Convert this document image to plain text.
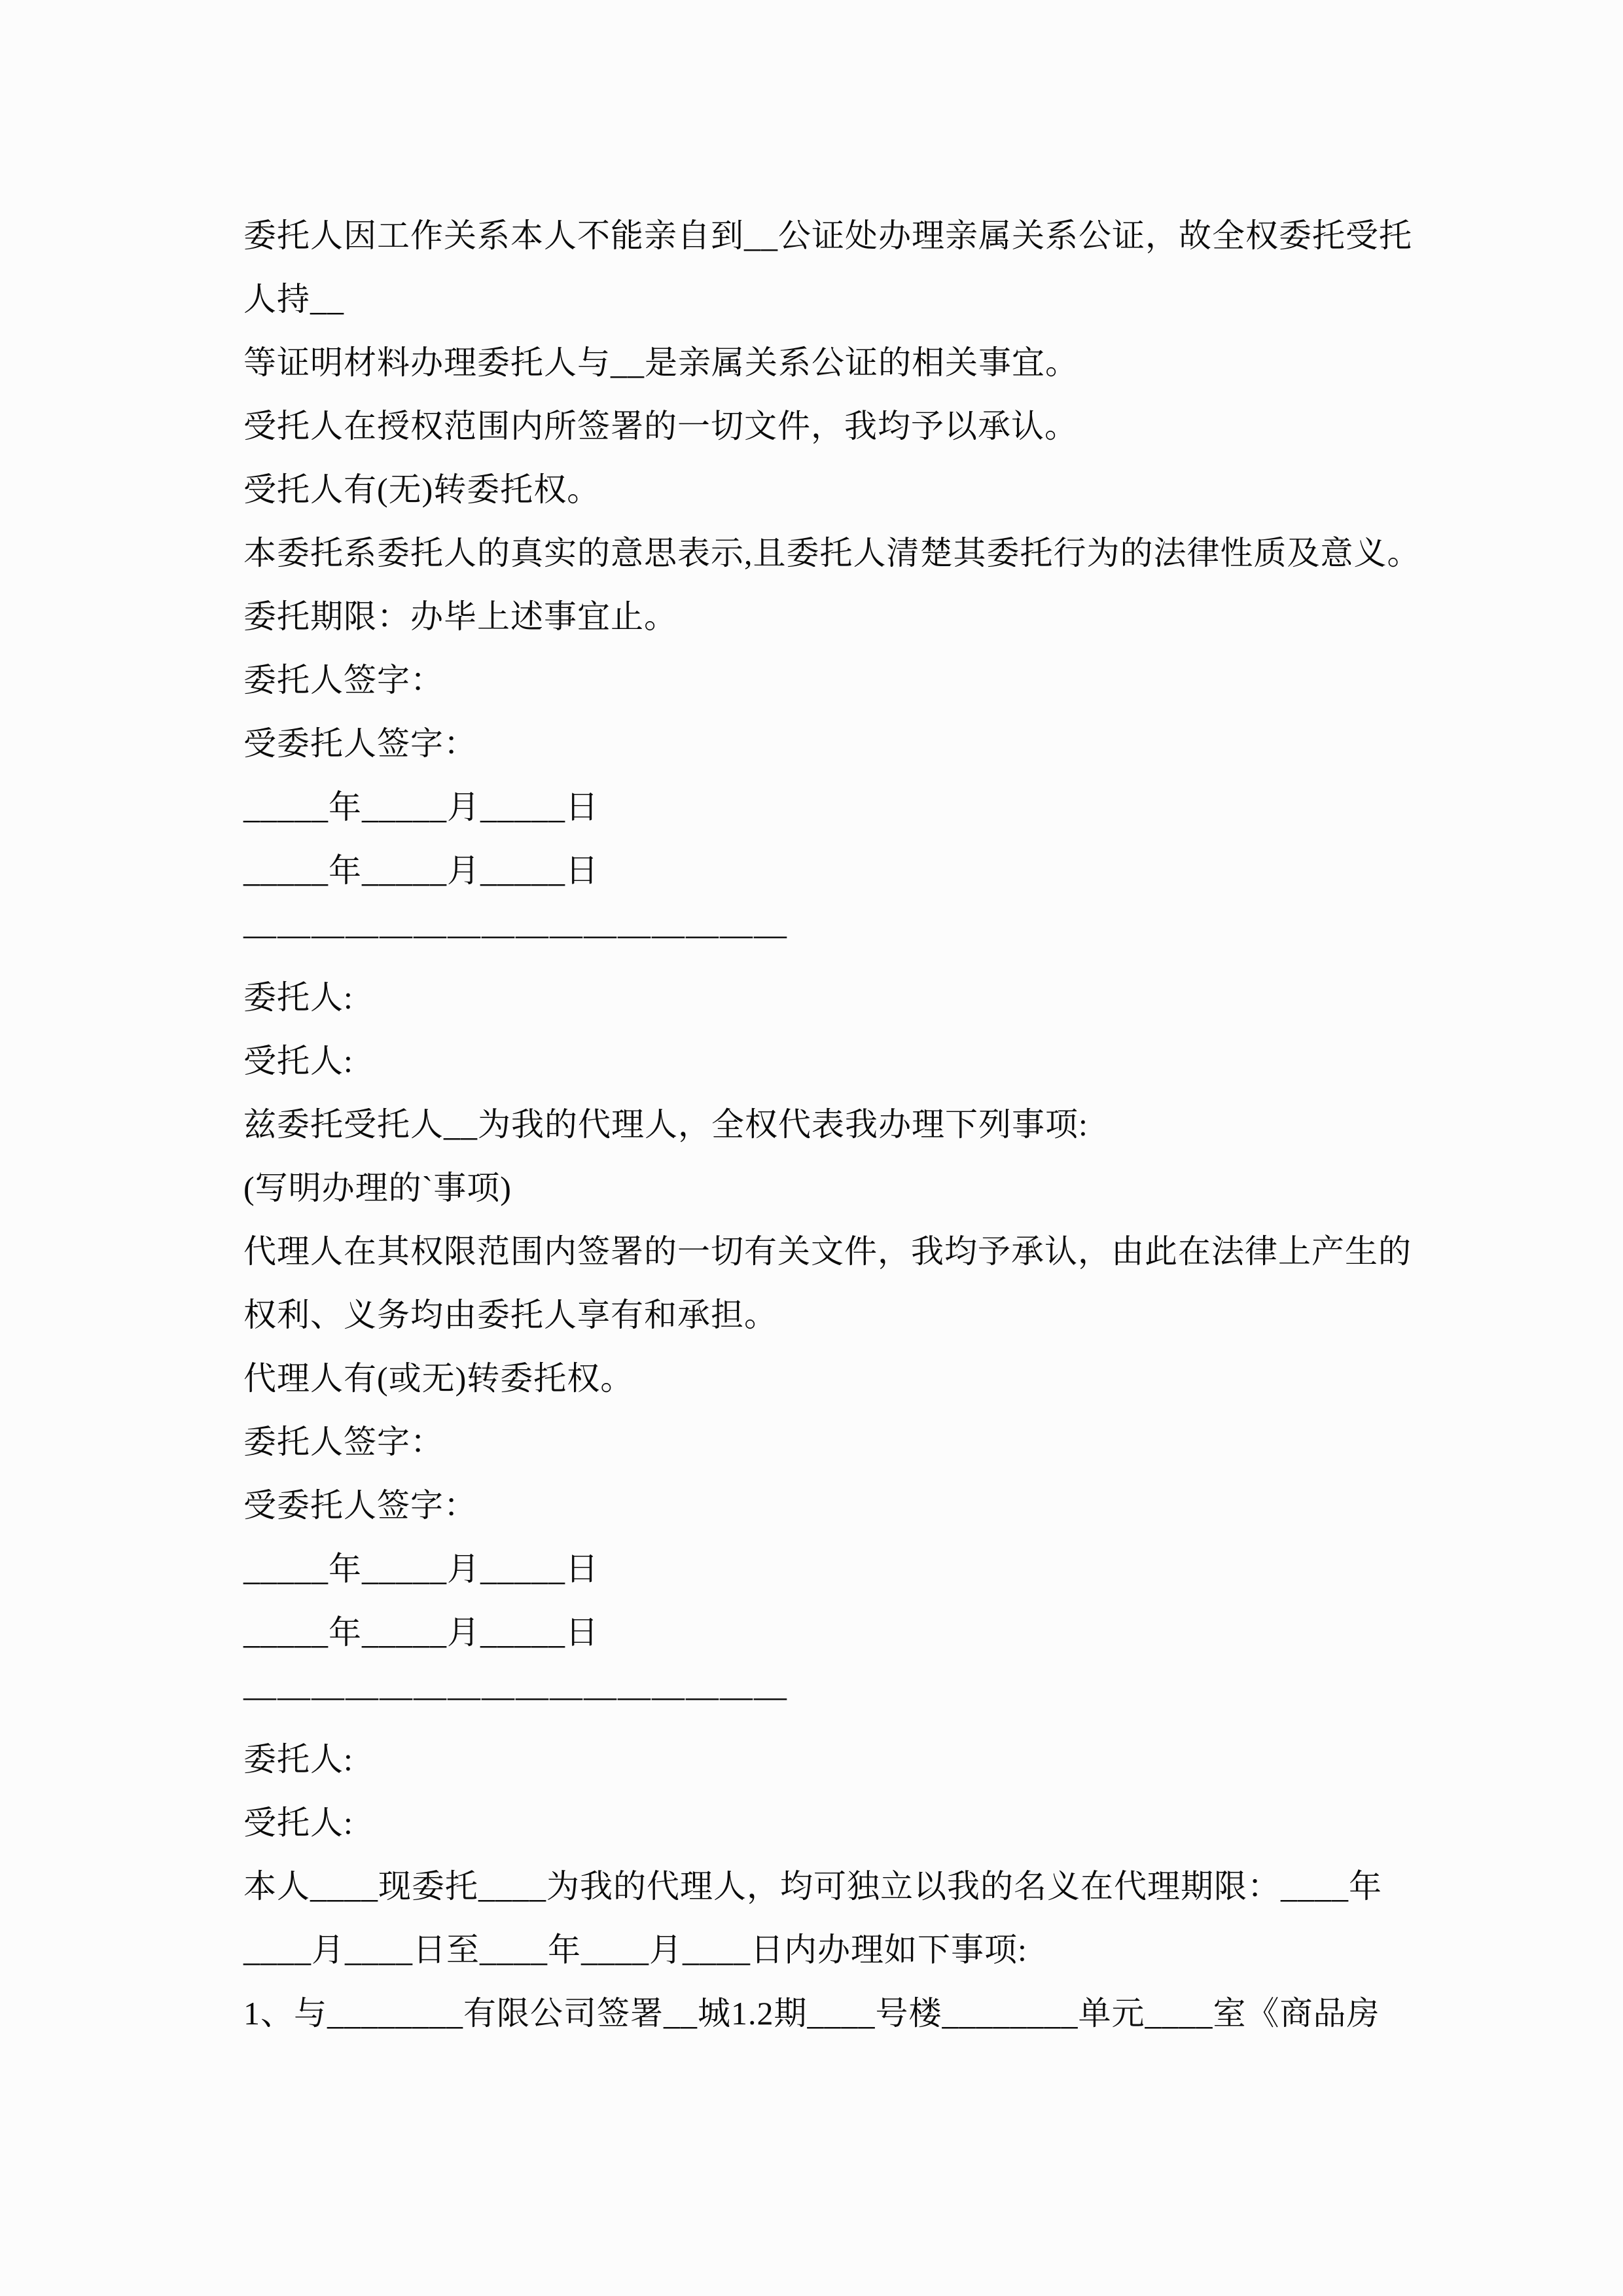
委托人因工作关系本人不能亲自到__公证处办理亲属关系公证，故全权委托受托
人持__
等证明材料办理委托人与__是亲属关系公证的相关事宜。
受托人在授权范围内所签署的一切文件，我均予以承认。
受托人有(无)转委托权。
本委托系委托人的真实的意思表示,且委托人清楚其委托行为的法律性质及意义。
委托期限：办毕上述事宜止。
委托人签字：
受委托人签字：
_____年_____月_____日
_____年_____月_____日
————————————————
委托人:
受托人:
兹委托受托人__为我的代理人，全权代表我办理下列事项:
(写明办理的`事项)
代理人在其权限范围内签署的一切有关文件，我均予承认，由此在法律上产生的
权利、义务均由委托人享有和承担。
代理人有(或无)转委托权。
委托人签字：
受委托人签字：
_____年_____月_____日
_____年_____月_____日
————————————————
委托人:
受托人:
本人____现委托____为我的代理人，均可独立以我的名义在代理期限：____年
____月____日至____年____月____日内办理如下事项:
1、与________有限公司签署__城1.2期____号楼________单元____室《商品房
